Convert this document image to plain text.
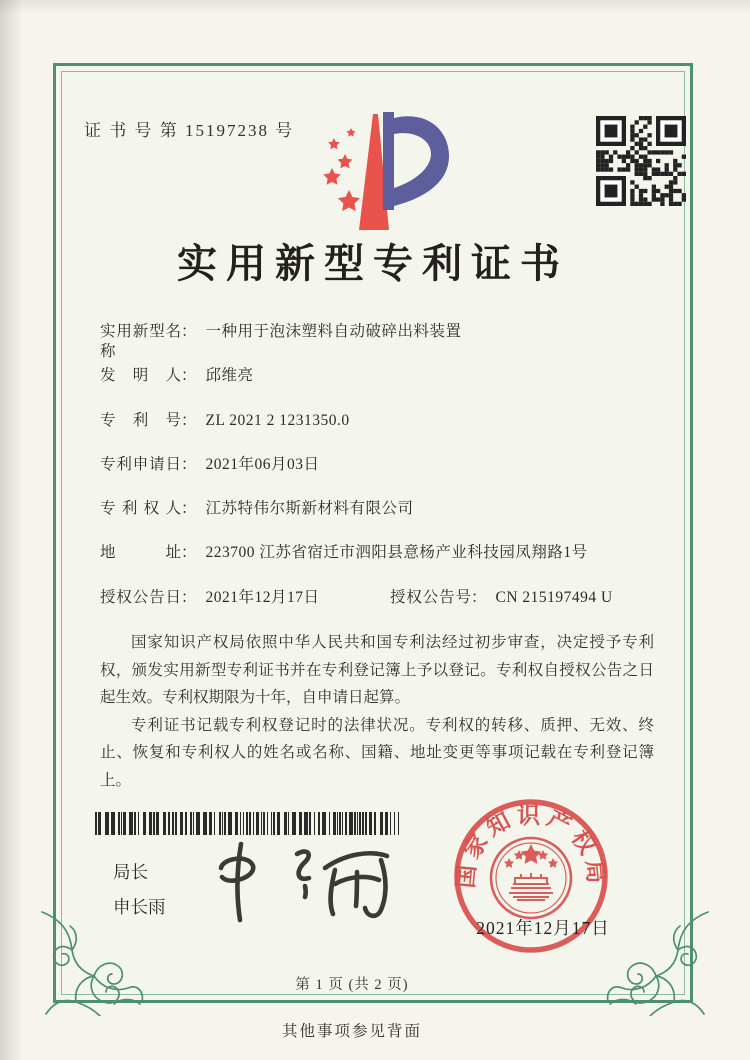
证 书 号 第 15197238 号
实用新型专利证书
实用新型名称
： 一种用于泡沫塑料自动破碎出料装置
发明人 ： 邱维亮
专利号 ： ZL 2021 2 1231350.0
专利申请日 ： 2021年06月03日
专利权人 ： 江苏特伟尔斯新材料有限公司
地址 ： 223700 江苏省宿迁市泗阳县意杨产业科技园凤翔路1号
授权公告日 ： 2021年12月17日	授权公告号 ： CN 215197494 U

国家知识产权局依照中华人民共和国专利法经过初步审查，决定授予专利权，颁发实用新型专利证书并在专利登记簿上予以登记。专利权自授权公告之日起生效。专利权期限为十年，自申请日起算。

专利证书记载专利权登记时的法律状况。专利权的转移、质押、无效、终止、恢复和专利权人的姓名或名称、国籍、地址变更等事项记载在专利登记簿上。

局长
申长雨
国家知识产权局
2021年12月17日
第 1 页 (共 2 页)
其他事项参见背面
